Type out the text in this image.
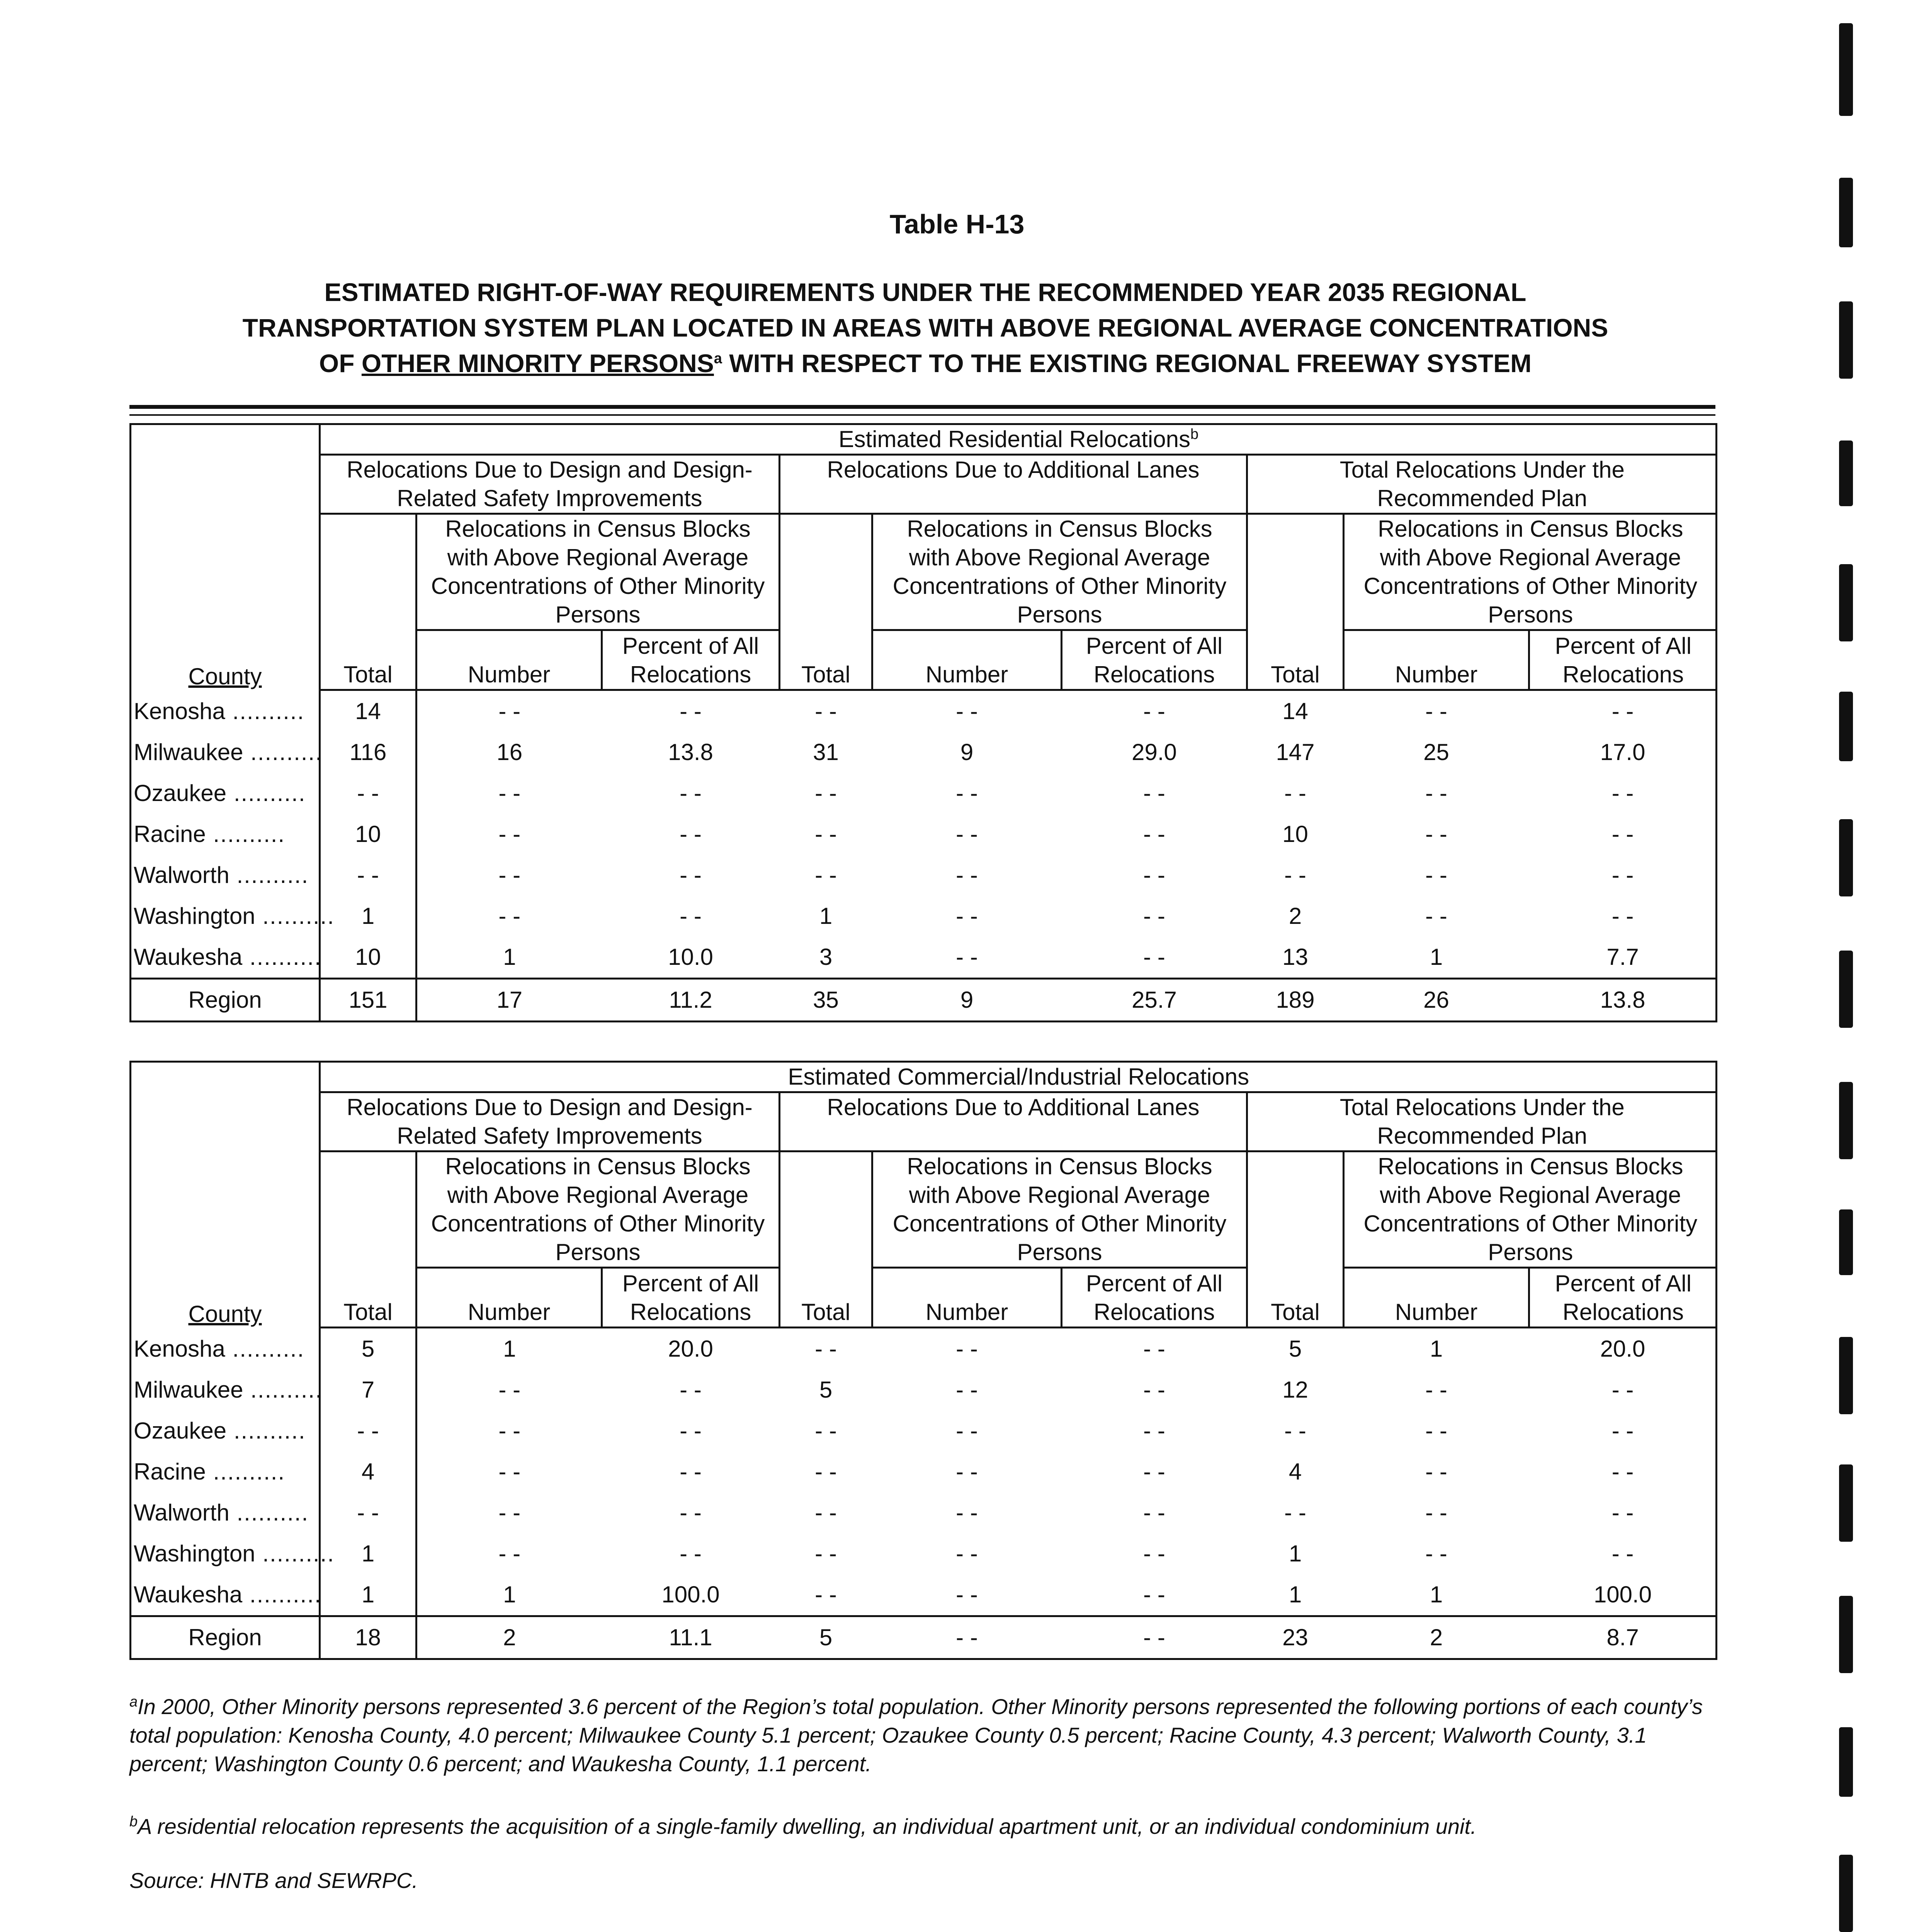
Table H-13
ESTIMATED RIGHT-OF-WAY REQUIREMENTS UNDER THE RECOMMENDED YEAR 2035 REGIONAL
TRANSPORTATION SYSTEM PLAN LOCATED IN AREAS WITH ABOVE REGIONAL AVERAGE CONCENTRATIONS
OF OTHER MINORITY PERSONS$^a$ WITH RESPECT TO THE EXISTING REGIONAL FREEWAY SYSTEM
County	Estimated Residential Relocations$^b$
	Relocations Due to Design and Design-Related Safety Improvements			Relocations Due to Additional Lanes			Total Relocations Under the Recommended Plan		
	Total	Relocations in Census Blocks with Above Regional Average Concentrations of Other Minority Persons		Total	Relocations in Census Blocks with Above Regional Average Concentrations of Other Minority Persons		Total	Relocations in Census Blocks with Above Regional Average Concentrations of Other Minority Persons	
		Number	Percent of All Relocations		Number	Percent of All Relocations		Number	Percent of All Relocations

Kenosha ..........	14	- -	- -	- -	- -	- -	14	- -	- -
Milwaukee ..........	116	16	13.8	31	9	29.0	147	25	17.0
Ozaukee ..........	- -	- -	- -	- -	- -	- -	- -	- -	- -
Racine ..........	10	- -	- -	- -	- -	- -	10	- -	- -
Walworth ..........	- -	- -	- -	- -	- -	- -	- -	- -	- -
Washington ..........	1	- -	- -	1	- -	- -	2	- -	- -
Waukesha ..........	10	1	10.0	3	- -	- -	13	1	7.7
Region	151	17	11.2	35	9	25.7	189	26	13.8
County	Estimated Commercial/Industrial Relocations								
	Relocations Due to Design and Design-Related Safety Improvements			Relocations Due to Additional Lanes			Total Relocations Under the Recommended Plan		
	Total	Relocations in Census Blocks with Above Regional Average Concentrations of Other Minority Persons		Total	Relocations in Census Blocks with Above Regional Average Concentrations of Other Minority Persons		Total	Relocations in Census Blocks with Above Regional Average Concentrations of Other Minority Persons	
		Number	Percent of All Relocations		Number	Percent of All Relocations		Number	Percent of All Relocations

Kenosha ..........	5	1	20.0	- -	- -	- -	5	1	20.0
Milwaukee ..........	7	- -	- -	5	- -	- -	12	- -	- -
Ozaukee ..........	- -	- -	- -	- -	- -	- -	- -	- -	- -
Racine ..........	4	- -	- -	- -	- -	- -	4	- -	- -
Walworth ..........	- -	- -	- -	- -	- -	- -	- -	- -	- -
Washington ..........	1	- -	- -	- -	- -	- -	1	- -	- -
Waukesha ..........	1	1	100.0	- -	- -	- -	1	1	100.0
Region	18	2	11.1	5	- -	- -	23	2	8.7
$^a$In 2000, Other Minority persons represented 3.6 percent of the Region’s total population. Other Minority persons represented the following portions of each county’s total population: Kenosha County, 4.0 percent; Milwaukee County 5.1 percent; Ozaukee County 0.5 percent; Racine County, 4.3 percent; Walworth County, 3.1 percent; Washington County 0.6 percent; and Waukesha County, 1.1 percent.
$^b$A residential relocation represents the acquisition of a single-family dwelling, an individual apartment unit, or an individual condominium unit.
Source: HNTB and SEWRPC.
